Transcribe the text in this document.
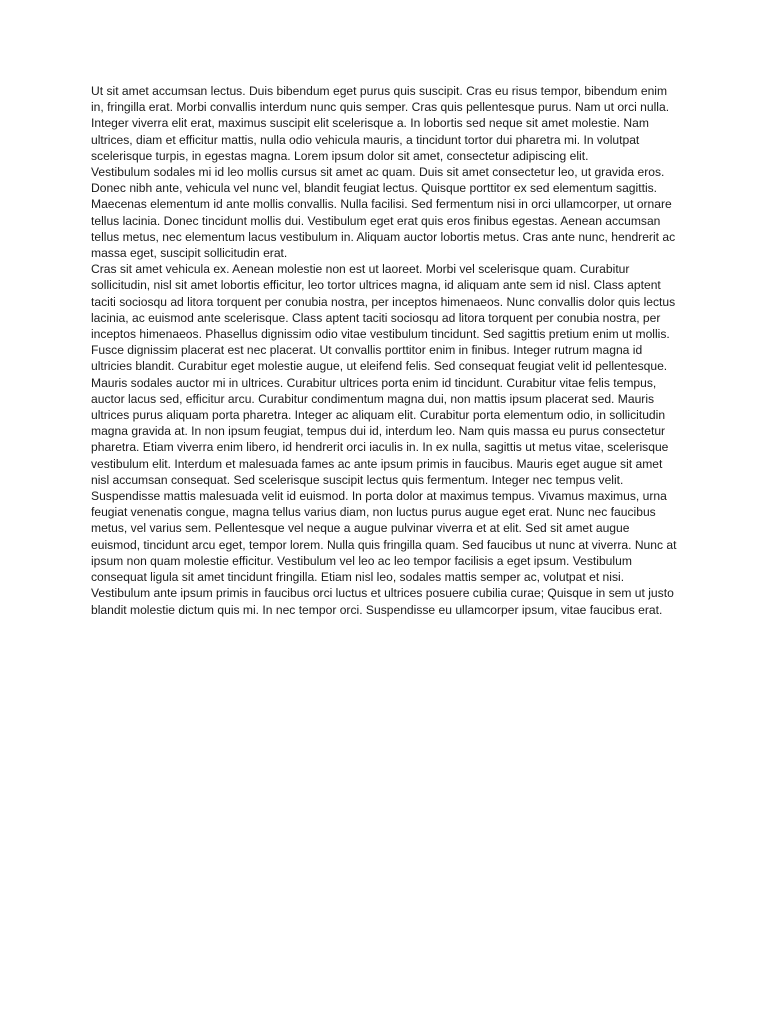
Ut sit amet accumsan lectus. Duis bibendum eget purus quis suscipit. Cras eu risus tempor, bibendum enim in, fringilla erat. Morbi convallis interdum nunc quis semper. Cras quis pellentesque purus. Nam ut orci nulla. Integer viverra elit erat, maximus suscipit elit scelerisque a. In lobortis sed neque sit amet molestie. Nam ultrices, diam et efficitur mattis, nulla odio vehicula mauris, a tincidunt tortor dui pharetra mi. In volutpat scelerisque turpis, in egestas magna. Lorem ipsum dolor sit amet, consectetur adipiscing elit.

Vestibulum sodales mi id leo mollis cursus sit amet ac quam. Duis sit amet consectetur leo, ut gravida eros. Donec nibh ante, vehicula vel nunc vel, blandit feugiat lectus. Quisque porttitor ex sed elementum sagittis. Maecenas elementum id ante mollis convallis. Nulla facilisi. Sed fermentum nisi in orci ullamcorper, ut ornare tellus lacinia. Donec tincidunt mollis dui. Vestibulum eget erat quis eros finibus egestas. Aenean accumsan tellus metus, nec elementum lacus vestibulum in. Aliquam auctor lobortis metus. Cras ante nunc, hendrerit ac massa eget, suscipit sollicitudin erat.

Cras sit amet vehicula ex. Aenean molestie non est ut laoreet. Morbi vel scelerisque quam. Curabitur sollicitudin, nisl sit amet lobortis efficitur, leo tortor ultrices magna, id aliquam ante sem id nisl. Class aptent taciti sociosqu ad litora torquent per conubia nostra, per inceptos himenaeos. Nunc convallis dolor quis lectus lacinia, ac euismod ante scelerisque. Class aptent taciti sociosqu ad litora torquent per conubia nostra, per inceptos himenaeos. Phasellus dignissim odio vitae vestibulum tincidunt. Sed sagittis pretium enim ut mollis. Fusce dignissim placerat est nec placerat. Ut convallis porttitor enim in finibus. Integer rutrum magna id ultricies blandit. Curabitur eget molestie augue, ut eleifend felis. Sed consequat feugiat velit id pellentesque. Mauris sodales auctor mi in ultrices. Curabitur ultrices porta enim id tincidunt. Curabitur vitae felis tempus, auctor lacus sed, efficitur arcu. Curabitur condimentum magna dui, non mattis ipsum placerat sed. Mauris ultrices purus aliquam porta pharetra. Integer ac aliquam elit. Curabitur porta elementum odio, in sollicitudin magna gravida at. In non ipsum feugiat, tempus dui id, interdum leo. Nam quis massa eu purus consectetur pharetra. Etiam viverra enim libero, id hendrerit orci iaculis in. In ex nulla, sagittis ut metus vitae, scelerisque vestibulum elit. Interdum et malesuada fames ac ante ipsum primis in faucibus. Mauris eget augue sit amet nisl accumsan consequat. Sed scelerisque suscipit lectus quis fermentum. Integer nec tempus velit.

Suspendisse mattis malesuada velit id euismod. In porta dolor at maximus tempus. Vivamus maximus, urna feugiat venenatis congue, magna tellus varius diam, non luctus purus augue eget erat. Nunc nec faucibus metus, vel varius sem. Pellentesque vel neque a augue pulvinar viverra et at elit. Sed sit amet augue euismod, tincidunt arcu eget, tempor lorem. Nulla quis fringilla quam. Sed faucibus ut nunc at viverra. Nunc at ipsum non quam molestie efficitur. Vestibulum vel leo ac leo tempor facilisis a eget ipsum. Vestibulum consequat ligula sit amet tincidunt fringilla. Etiam nisl leo, sodales mattis semper ac, volutpat et nisi. Vestibulum ante ipsum primis in faucibus orci luctus et ultrices posuere cubilia curae; Quisque in sem ut justo blandit molestie dictum quis mi. In nec tempor orci. Suspendisse eu ullamcorper ipsum, vitae faucibus erat.
